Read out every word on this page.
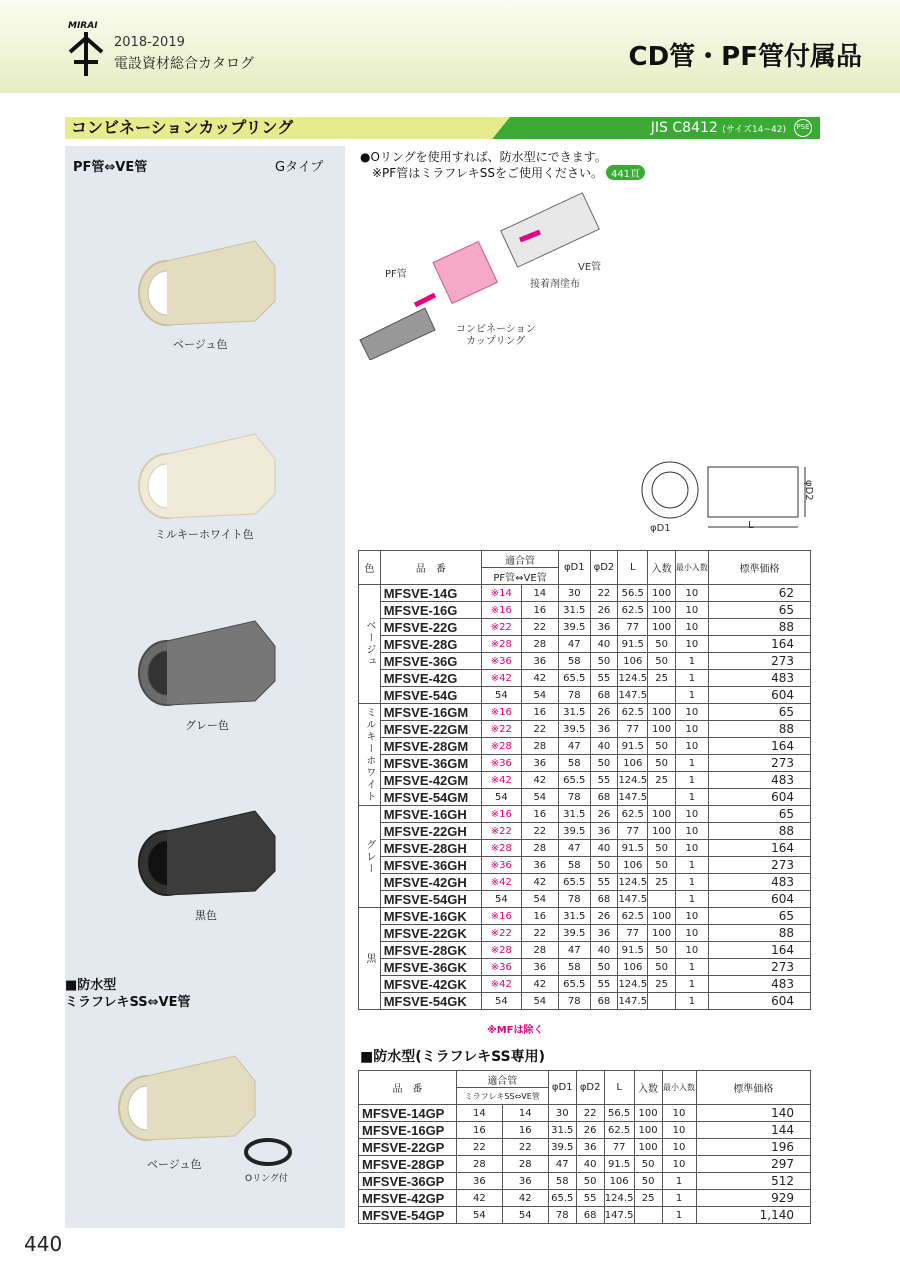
MIRAI
2018-2019
電設資材総合カタログ	CD管・PF管付属品
コンビネーションカップリング	JIS C8412 (サイズ14~42)	PSE
PF管⇔VE管	Gタイプ
ベージュ色
ミルキーホワイト色
グレー色
黒色
■防水型
ミラフレキSS⇔VE管
ベージュ色
Oリング付
●Oリングを使用すれば、防水型にできます。
※PF管はミラフレキSSをご使用ください。 441頁
PF管
VE管
接着剤塗布
コンビネーション
カップリング
φD1	L
φD2
色	品　番	適合管		φD1	φD2	L	入数	最小入数	標準価格
		PF管⇔VE管							
ベージュ	MFSVE-14G	※14	14	30	22	56.5	100	10	62
	MFSVE-16G	※16	16	31.5	26	62.5	100	10	65
	MFSVE-22G	※22	22	39.5	36	77	100	10	88
	MFSVE-28G	※28	28	47	40	91.5	50	10	164
	MFSVE-36G	※36	36	58	50	106	50	1	273
	MFSVE-42G	※42	42	65.5	55	124.5	25	1	483
	MFSVE-54G	54	54	78	68	147.5		1	604
ミルキーホワイト	MFSVE-16GM	※16	16	31.5	26	62.5	100	10	65
	MFSVE-22GM	※22	22	39.5	36	77	100	10	88
	MFSVE-28GM	※28	28	47	40	91.5	50	10	164
	MFSVE-36GM	※36	36	58	50	106	50	1	273
	MFSVE-42GM	※42	42	65.5	55	124.5	25	1	483
	MFSVE-54GM	54	54	78	68	147.5		1	604
グレー	MFSVE-16GH	※16	16	31.5	26	62.5	100	10	65
	MFSVE-22GH	※22	22	39.5	36	77	100	10	88
	MFSVE-28GH	※28	28	47	40	91.5	50	10	164
	MFSVE-36GH	※36	36	58	50	106	50	1	273
	MFSVE-42GH	※42	42	65.5	55	124.5	25	1	483
	MFSVE-54GH	54	54	78	68	147.5		1	604
黒	MFSVE-16GK	※16	16	31.5	26	62.5	100	10	65
	MFSVE-22GK	※22	22	39.5	36	77	100	10	88
	MFSVE-28GK	※28	28	47	40	91.5	50	10	164
	MFSVE-36GK	※36	36	58	50	106	50	1	273
	MFSVE-42GK	※42	42	65.5	55	124.5	25	1	483
	MFSVE-54GK	54	54	78	68	147.5		1	604
※MFは除く
■防水型(ミラフレキSS専用)
品　番	適合管		φD1	φD2	L	入数	最小入数	標準価格
	ミラフレキSS⇔VE管							
MFSVE-14GP	14	14	30	22	56.5	100	10	140
MFSVE-16GP	16	16	31.5	26	62.5	100	10	144
MFSVE-22GP	22	22	39.5	36	77	100	10	196
MFSVE-28GP	28	28	47	40	91.5	50	10	297
MFSVE-36GP	36	36	58	50	106	50	1	512
MFSVE-42GP	42	42	65.5	55	124.5	25	1	929
MFSVE-54GP	54	54	78	68	147.5		1	1,140
440
